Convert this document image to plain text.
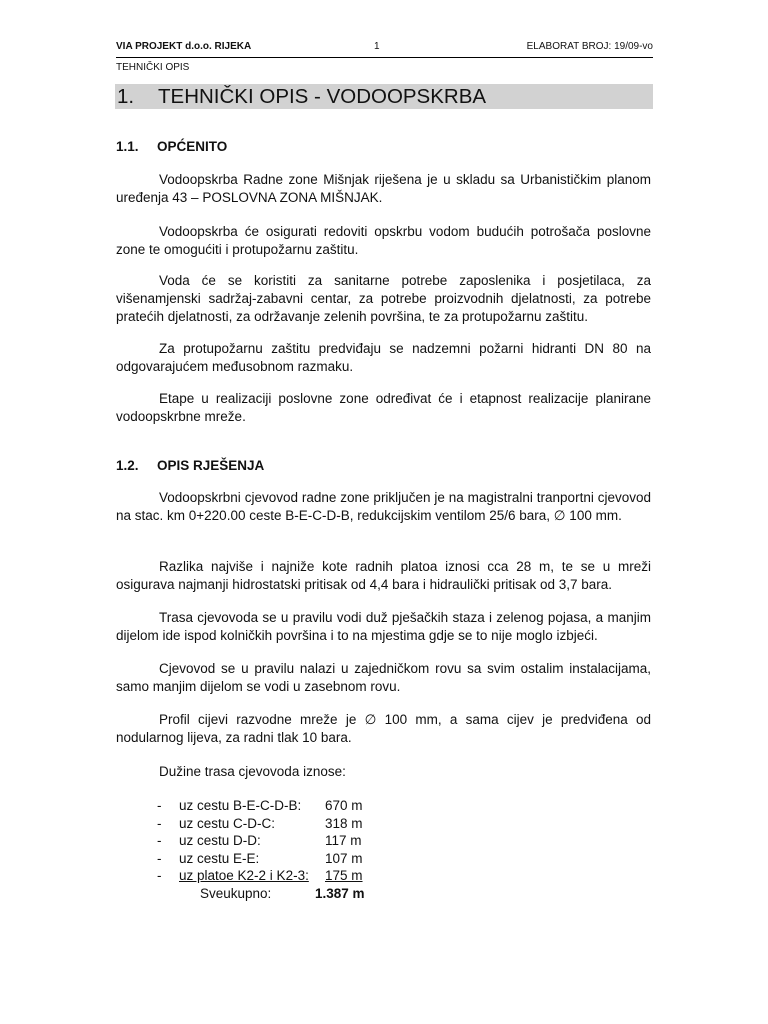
VIA PROJEKT d.o.o. RIJEKA	1	ELABORAT BROJ: 19/09-vo
TEHNIČKI OPIS
1. TEHNIČKI OPIS - VODOOPSKRBA
1.1. OPĆENITO

Vodoopskrba Radne zone Mišnjak riješena je u skladu sa Urbanističkim planom uređenja 43 – POSLOVNA ZONA MIŠNJAK.

Vodoopskrba će osigurati redoviti opskrbu vodom budućih potrošača poslovne zone te omogućiti i protupožarnu zaštitu.

Voda će se koristiti za sanitarne potrebe zaposlenika i posjetilaca, za višenamjenski sadržaj-zabavni centar, za potrebe proizvodnih djelatnosti, za potrebe pratećih djelatnosti, za održavanje zelenih površina, te za protupožarnu zaštitu.

Za protupožarnu zaštitu predviđaju se nadzemni požarni hidranti DN 80 na odgovarajućem međusobnom razmaku.

Etape u realizaciji poslovne zone određivat će i etapnost realizacije planirane vodoopskrbne mreže.

1.2. OPIS RJEŠENJA

Vodoopskrbni cjevovod radne zone priključen je na magistralni tranportni cjevovod na stac. km 0+220.00 ceste B-E-C-D-B, redukcijskim ventilom 25/6 bara, ∅ 100 mm.

Razlika najviše i najniže kote radnih platoa iznosi cca 28 m, te se u mreži osigurava najmanji hidrostatski pritisak od 4,4 bara i hidraulički pritisak od 3,7 bara.

Trasa cjevovoda se u pravilu vodi duž pješačkih staza i zelenog pojasa, a manjim dijelom ide ispod kolničkih površina i to na mjestima gdje se to nije moglo izbjeći.

Cjevovod se u pravilu nalazi u zajedničkom rovu sa svim ostalim instalacijama, samo manjim dijelom se vodi u zasebnom rovu.

Profil cijevi razvodne mreže je ∅ 100 mm, a sama cijev je predviđena od nodularnog lijeva, za radni tlak 10 bara.

Dužine trasa cjevovoda iznose:

- uz cestu B-E-C-D-B: 670 m
- uz cestu C-D-C:	318 m
- uz cestu D-D:	117 m
- uz cestu E-E:	107 m
- uz platoe K2-2 i K2-3: 175 m
Sveukupno:	1.387 m
